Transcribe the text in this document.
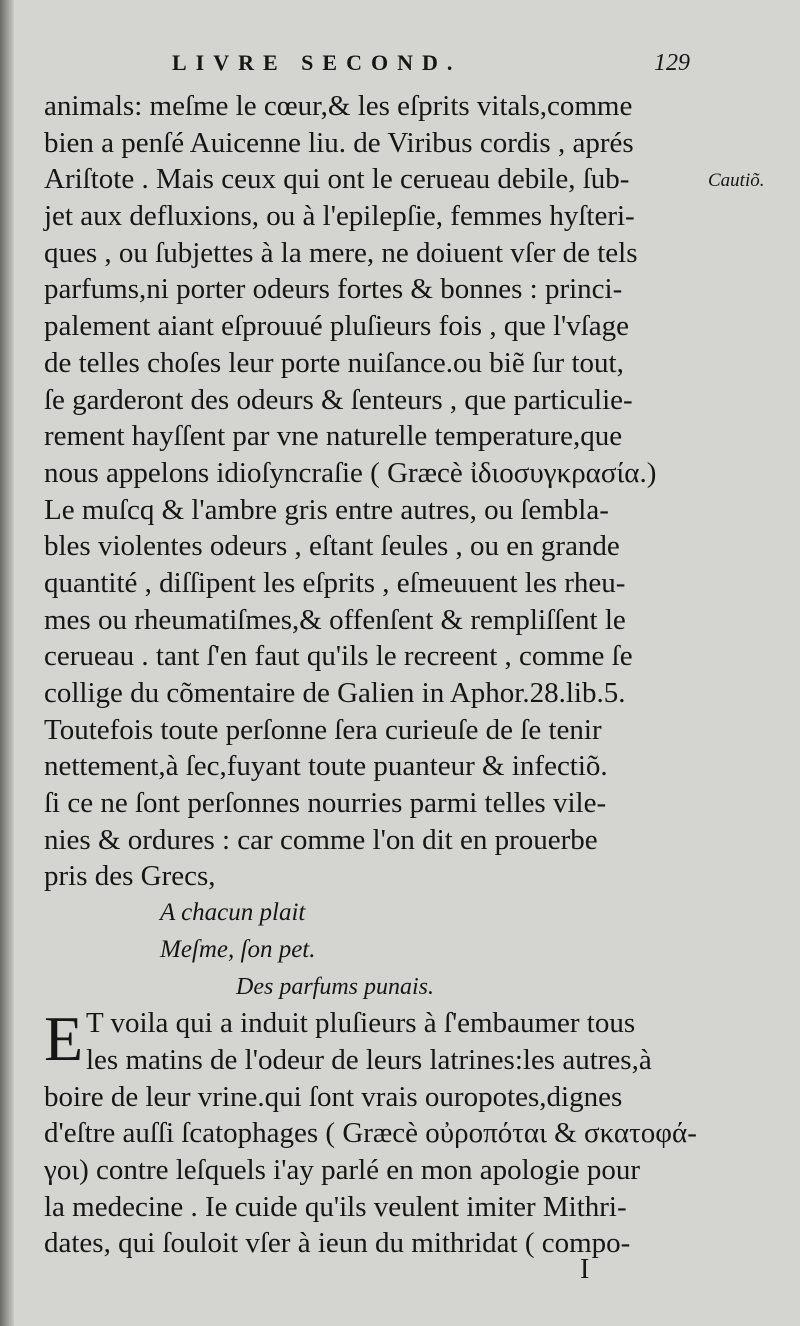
LIVRE SECOND.	129
Cautiõ.
animals: meſme le cœur,& les eſprits vitals,comme
bien a penſé Auicenne liu. de Viribus cordis , aprés
Ariſtote . Mais ceux qui ont le cerueau debile, ſub-
jet aux defluxions, ou à l'epilepſie, femmes hyſteri-
ques , ou ſubjettes à la mere, ne doiuent vſer de tels
parfums,ni porter odeurs fortes & bonnes : princi-
palement aiant eſprouué pluſieurs fois , que l'vſage
de telles choſes leur porte nuiſance.ou biẽ ſur tout,
ſe garderont des odeurs & ſenteurs , que particulie-
rement hayſſent par vne naturelle temperature,que
nous appelons idioſyncraſie ( Græcè ἰδιοσυγκρασία.)
Le muſcq & l'ambre gris entre autres, ou ſembla-
bles violentes odeurs , eſtant ſeules , ou en grande
quantité , diſſipent les eſprits , eſmeuuent les rheu-
mes ou rheumatiſmes,& offenſent & rempliſſent le
cerueau . tant ſ'en faut qu'ils le recreent , comme ſe
collige du cõmentaire de Galien in Aphor.28.lib.5.
Toutefois toute perſonne ſera curieuſe de ſe tenir
nettement,à ſec,fuyant toute puanteur & infectiõ.
ſi ce ne ſont perſonnes nourries parmi telles vile-
nies & ordures : car comme l'on dit en prouerbe
pris des Grecs,
A chacun plait
Meſme, ſon pet.
Des parfums punais.
E T voila qui a induit pluſieurs à ſ'embaumer tous
les matins de l'odeur de leurs latrines:les autres,à
boire de leur vrine.qui ſont vrais ouropotes,dignes
d'eſtre auſſi ſcatophages ( Græcè οὐροπόται & σκατοφά-
γοι) contre leſquels i'ay parlé en mon apologie pour
la medecine . Ie cuide qu'ils veulent imiter Mithri-
dates, qui ſouloit vſer à ieun du mithridat ( compo-
I
